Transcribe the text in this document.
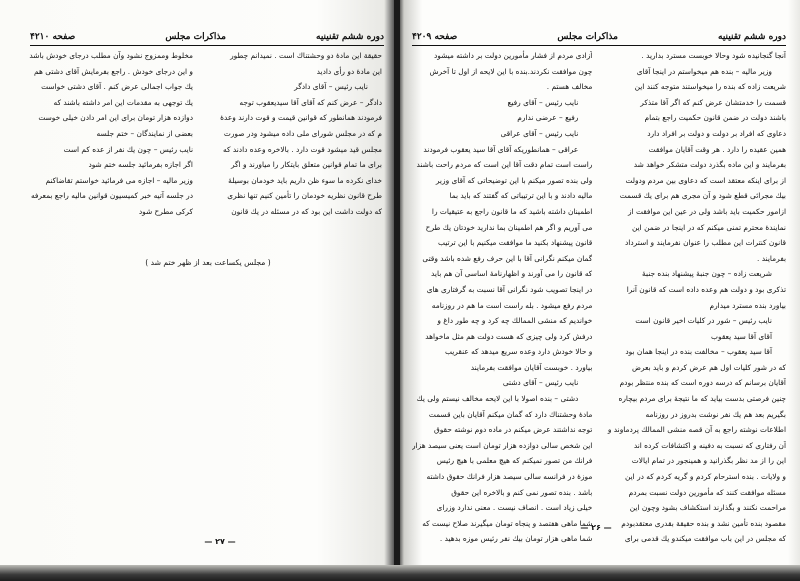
دوره ششم تقنینیه
مذاکرات مجلس
صفحه ۴۲۱۰

حقیقة این مادهٔ دو وحشتناك است . نمیدانم چطور

این مادهٔ دو رأی دادید

نایب رئیس – آقای دادگر

دادگر – عرض کنم که آقای آقا سیدیعقوب توجه

فرمودند همانطور که قوانین قیمت و قوت دارند وعدهٔ

م که در مجلس شورای ملی داده میشود ودر صورت

مجلس قید میشود قوت دارد . بالاخره وعده دادند که

برای ما تمام قوانین متعلق بایتکار را میاورند و اگر

خدای نکرده ما سوء ظن داریم باید خودمان بوسیلهٔ

طرح قانون نظریه خودمان را تأمین کنیم تنها نظری

که دولت داشت این بود که در مسئله در یك قانون

مخلوط وممزوج نشود وآن مطلب درجای خودش باشد

و این درجای خودش . راجع بفرمایش آقای دشتی هم

یك جواب اجمالی عرض کنم . آقای دشتی خواست

یك توجهی به مقدمات این امر داشته باشند که

دوازده هزار تومان برای این امر دادن خیلی خوست

بعضی از نمایندگان – ختم جلسه

نایب رئیس – چون یك نفر از عده کم است

اگر اجازه بفرمائید جلسه ختم شود

وزیر مالیه – اجازه می فرمائید خواستم تقاضاکنم

در جلسه آتیه خبر کمیسیون قوانین مالیه راجع بمعرفه

کرکی مطرح شود

( مجلس یکساعت بعد از ظهر ختم شد )
— ۲۷ —
دوره ششم تقنینیه
مذاکرات مجلس
صفحه ۴۲۰۹

آنجا گنجانیده شود وحالا خوبست مسترد بدارید .

وزیر مالیه – بنده هم میخواستم در اینجا آقای

شریعت زاده که بنده را میخواستند متوجه کنند این

قسمت را خدمتشان عرض کنم که اگر آقا متذکر

باشند دولت در ضمن قانون حکمیت راجع بتمام

دعاوی که افراد بر دولت و دولت بر افراد دارد

همین عقیده را دارد . هر وقت آقایان موافقت

بفرمایند و این ماده بگذرد دولت متشکر خواهد شد

از برای اینکه معتقد است که دعاوی بین مردم ودولت

بیك مجرائی قطع شود و آن مجری هم برای یك قسمت

ازامور حکمیت باید باشد ولی در عین این موافقت از

نمایندهٔ محترم تمنی میکنم که در اینجا در ضمن این

قانون کنترات این مطلب را عنوان نفرمایند و استرداد

بفرمایند .

شریعت زاده – چون جنبهٔ پیشنهاد بنده جنبهٔ

تذکری بود و دولت هم وعده داده است که قانون آنرا

بیاورد بنده مسترد میدارم

نایب رئیس – شور در کلیات اخیر قانون است

آقای آقا سید یعقوب

آقا سید یعقوب – مخالفت بنده در اینجا همان بود

که در شور کلیات اول هم عرض کردم و باید بعرض

آقایان برسانم که درسه دوره است که بنده منتظر بودم

چنین فرصتی بدست بیاید که ما نتیجهٔ برای مردم بیچاره

بگیریم بعد هم یك نفر نوشت بدروز در روزنامه

اطلاعات نوشته راجع به آن قصه منشی الممالك پردماوند و

آن رفتاری که نسبت به دفینه و اکتشافات کرده اند

این را از مد نظر بگذرانید و همینجور در تمام ایالات

و ولایات . بنده استرحام کردم و گریه کردم که در این

مسئله موافقت کنند که مأمورین دولت نسبت بمردم

مراحمت نکنند و بگذارند استکشاف بشود وچون این

مقصود بنده تأمین نشد و بنده حقیقة بقدری معتقدبودم

که مجلس در این باب موافقت میکندو یك قدمی برای

آزادی مردم از فشار مأمورین دولت بر داشته میشود

چون موافقت نکردند.بنده با این لایحه از اول تا آخرش

مخالف هستم .

نایب رئیس – آقای رفیع

رفیع – عرضی ندارم

نایب رئیس – آقای عراقی

عراقی – همانطوریکه آقای آقا سید یعقوب فرمودند

راست است تمام دقت آقا این است که مردم راحت باشند

ولی بنده تصور میکنم با این توضیحاتی که آقای وزیر

مالیه دادند و با این ترتیباتی که گفتند که باید بما

اطمینان داشته باشید که ما قانون راجع به عتیقیات را

می آوریم و اگر هم اطمینان بما ندارید خودتان یك طرح

قانون پیشنهاد بکنید ما موافقت میکنیم با این ترتیب

گمان میکنم نگرانی آقا با این حرف رفع شده باشد وقتی

که قانون را می آورند و اظهارنامهٔ اساسی آن هم باید

در اینجا تصویب شود نگرانی آقا نسبت به گرفتاری های

مردم رفع میشود . بله راست است ما هم در روزنامه

خواندیم که منشی الممالك چه کرد و چه طور داغ و

درفش کرد ولی چیزی که هست دولت هم مثل ماخواهد

و حالا خودش دارد وعده سریع میدهد که عنقریب

بیاورد . خوبست آقایان موافقت بفرمایند

نایب رئیس – آقای دشتی

دشتی – بنده اصولا با این لایحه مخالف نیستم ولی یك

مادهٔ وحشتناك دارد که گمان میکنم آقایان باین قسمت

توجه نداشتند عرض میکنم در ماده دوم نوشته حقوق

این شخص سالی دوازده هزار تومان است یعنی سیصد هزار

فرانك من تصور نمیکنم که هیچ معلمی با هیچ رئیس

موزهٔ در فرانسه سالی سیصد هزار فرانك حقوق داشته

باشد . بنده تصور نمی کنم و بالاخره این حقوق

خیلی زیاد است . انصاف نیست . معنی ندارد وزرای

شما ماهی هفتصد و پنجاه تومان میگیرند صلاح نیست که

شما ماهی هزار تومان بیك نفر رئیس موزه بدهید .

— ۲۶ —
